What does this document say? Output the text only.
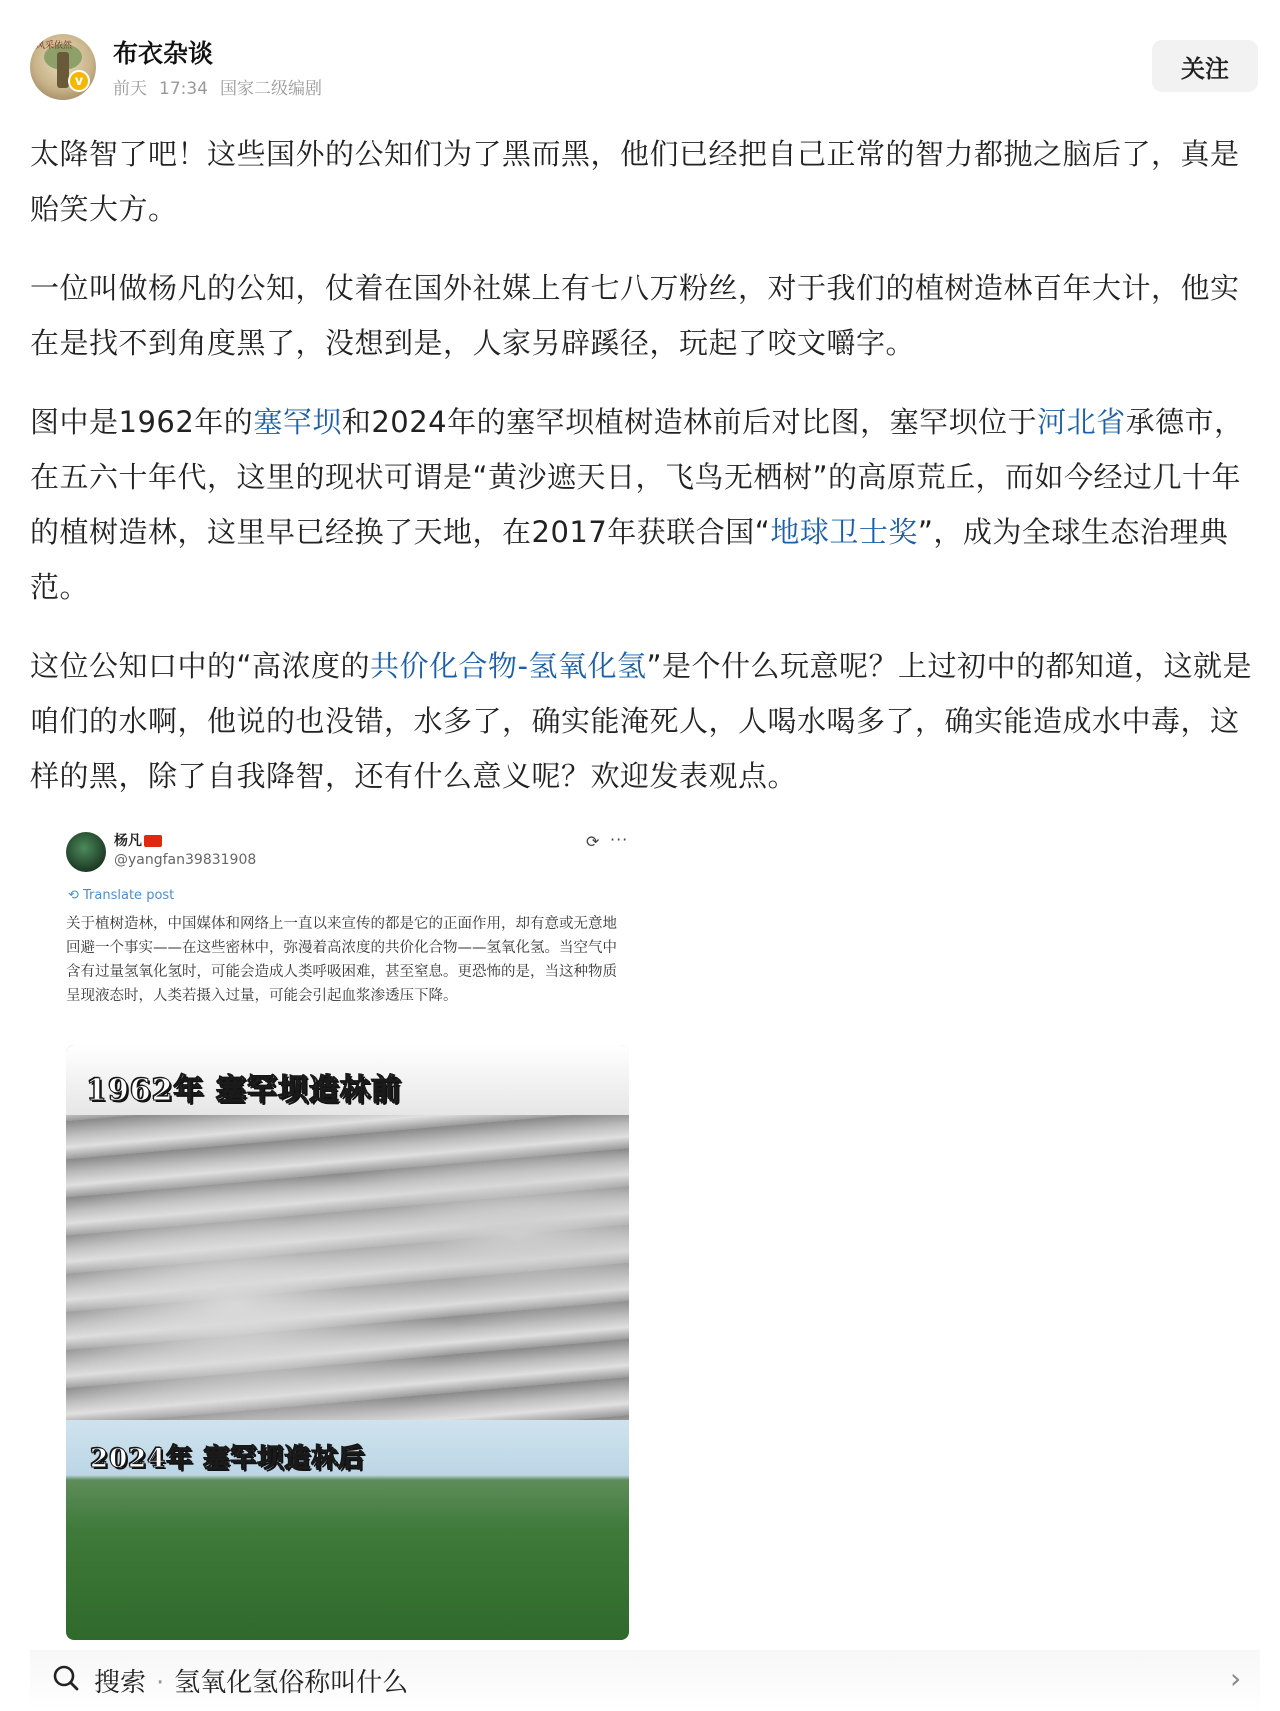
风采依然
v
布衣杂谈
前天 17:34 国家二级编剧
关注

太降智了吧！这些国外的公知们为了黑而黑，他们已经把自己正常的智力都抛之脑后了，真是贻笑大方。

一位叫做杨凡的公知，仗着在国外社媒上有七八万粉丝，对于我们的植树造林百年大计，他实在是找不到角度黑了，没想到是，人家另辟蹊径，玩起了咬文嚼字。

图中是1962年的塞罕坝和2024年的塞罕坝植树造林前后对比图，塞罕坝位于河北省承德市，在五六十年代，这里的现状可谓是“黄沙遮天日，飞鸟无栖树”的高原荒丘，而如今经过几十年的植树造林，这里早已经换了天地，在2017年获联合国“地球卫士奖”，成为全球生态治理典范。

这位公知口中的“高浓度的共价化合物-氢氧化氢”是个什么玩意呢？上过初中的都知道，这就是咱们的水啊，他说的也没错，水多了，确实能淹死人，人喝水喝多了，确实能造成水中毒，这样的黑，除了自我降智，还有什么意义呢？欢迎发表观点。

杨凡
@yangfan39831908
⟳ ···
⟲ Translate post
关于植树造林，中国媒体和网络上一直以来宣传的都是它的正面作用，却有意或无意地回避一个事实——在这些密林中，弥漫着高浓度的共价化合物——氢氧化氢。当空气中含有过量氢氧化氢时，可能会造成人类呼吸困难，甚至窒息。更恐怖的是，当这种物质呈现液态时，人类若摄入过量，可能会引起血浆渗透压下降。
1962年 塞罕坝造林前
2024年 塞罕坝造林后
搜索 · 氢氧化氢俗称叫什么	›
